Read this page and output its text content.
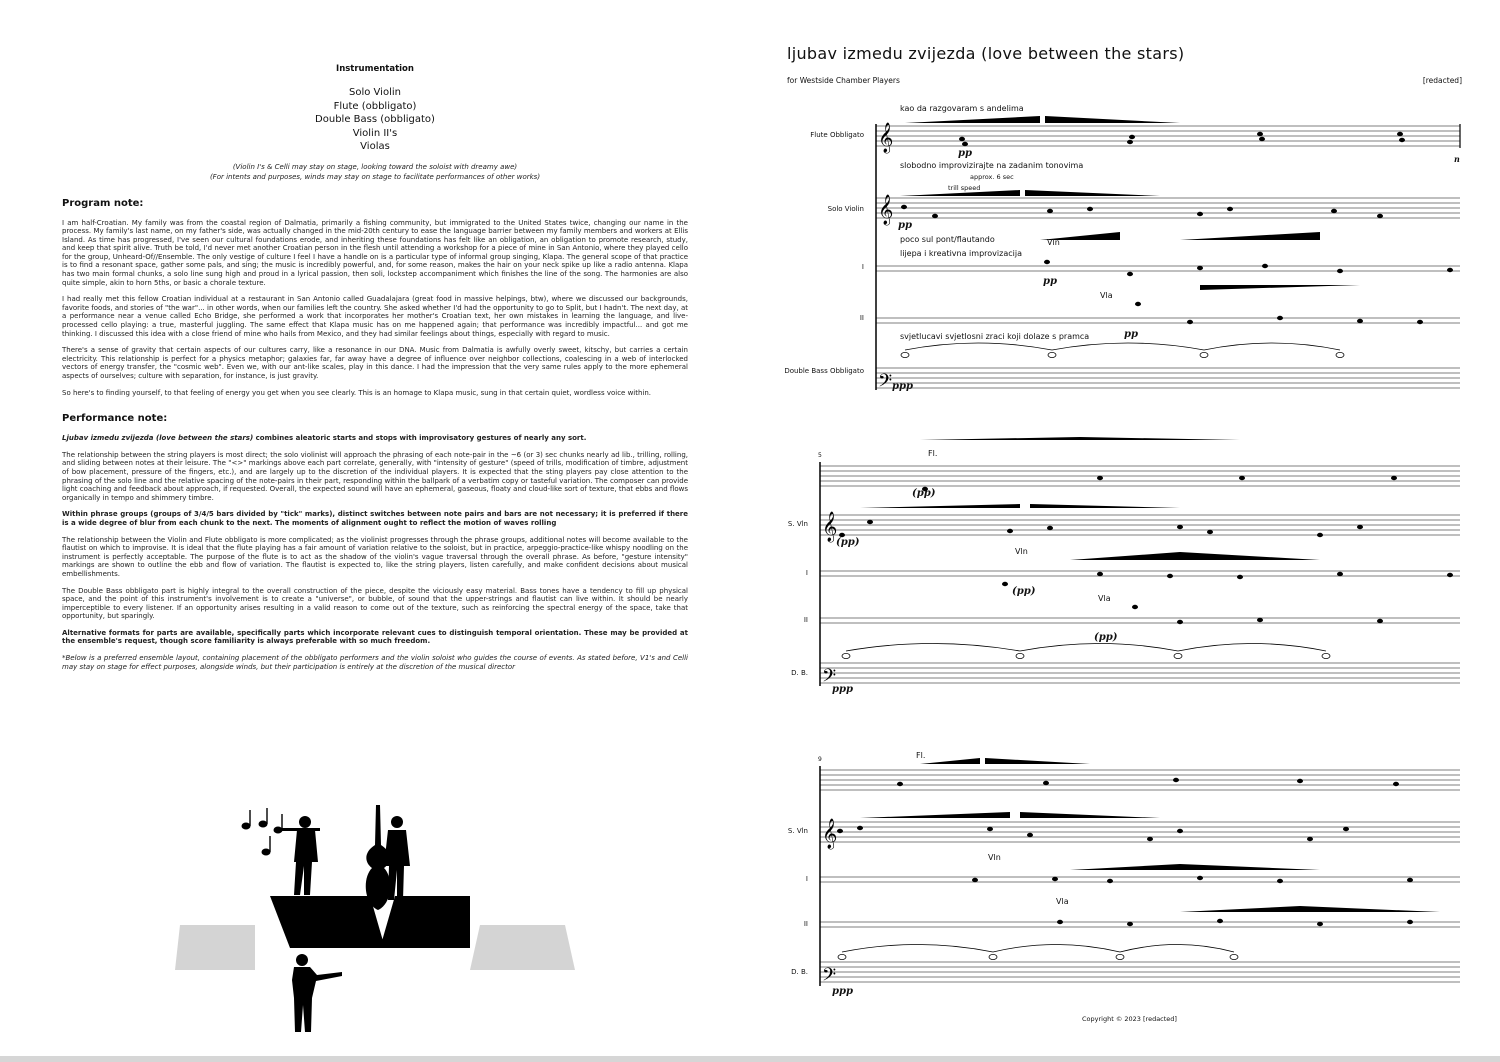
Instrumentation
Solo Violin
Flute (obbligato)
Double Bass (obbligato)
Violin II's
Violas
(Violin I's & Celli may stay on stage, looking toward the soloist with dreamy awe)
(For intents and purposes, winds may stay on stage to facilitate performances of other works)
Program note:

I am half-Croatian. My family was from the coastal region of Dalmatia, primarily a fishing community, but immigrated to the United States twice, changing our name in the process. My family's last name, on my father's side, was actually changed in the mid-20th century to ease the language barrier between my family members and workers at Ellis Island. As time has progressed, I've seen our cultural foundations erode, and inheriting these foundations has felt like an obligation, an obligation to promote research, study, and keep that spirit alive. Truth be told, I'd never met another Croatian person in the flesh until attending a workshop for a piece of mine in San Antonio, where they played cello for the group, Unheard-Of//Ensemble. The only vestige of culture I feel I have a handle on is a particular type of informal group singing, Klapa. The general scope of that practice is to find a resonant space, gather some pals, and sing; the music is incredibly powerful, and, for some reason, makes the hair on your neck spike up like a radio antenna. Klapa has two main formal chunks, a solo line sung high and proud in a lyrical passion, then soli, lockstep accompaniment which finishes the line of the song. The harmonies are also quite simple, akin to horn 5ths, or basic a chorale texture.

I had really met this fellow Croatian individual at a restaurant in San Antonio called Guadalajara (great food in massive helpings, btw), where we discussed our backgrounds, favorite foods, and stories of "the war"... in other words, when our families left the country. She asked whether I'd had the opportunity to go to Split, but I hadn't. The next day, at a performance near a venue called Echo Bridge, she performed a work that incorporates her mother's Croatian text, her own mistakes in learning the language, and live-processed cello playing: a true, masterful juggling. The same effect that Klapa music has on me happened again; that performance was incredibly impactful... and got me thinking. I discussed this idea with a close friend of mine who hails from Mexico, and they had similar feelings about things, especially with regard to music.

There's a sense of gravity that certain aspects of our cultures carry, like a resonance in our DNA. Music from Dalmatia is awfully overly sweet, kitschy, but carries a certain electricity. This relationship is perfect for a physics metaphor; galaxies far, far away have a degree of influence over neighbor collections, coalescing in a web of interlocked vectors of energy transfer, the "cosmic web". Even we, with our ant-like scales, play in this dance. I had the impression that the very same rules apply to the more ephemeral aspects of ourselves; culture with separation, for instance, is just gravity.

So here's to finding yourself, to that feeling of energy you get when you see clearly. This is an homage to Klapa music, sung in that certain quiet, wordless voice within.

Performance note:

Ljubav izmedu zvijezda (love between the stars) combines aleatoric starts and stops with improvisatory gestures of nearly any sort.

The relationship between the string players is most direct; the solo violinist will approach the phrasing of each note-pair in the ~6 (or 3) sec chunks nearly ad lib., trilling, rolling, and sliding between notes at their leisure. The "<>" markings above each part correlate, generally, with "intensity of gesture" (speed of trills, modification of timbre, adjustment of bow placement, pressure of the fingers, etc.), and are largely up to the discretion of the individual players. It is expected that the sting players pay close attention to the phrasing of the solo line and the relative spacing of the note-pairs in their part, responding within the ballpark of a verbatim copy or tasteful variation. The composer can provide light coaching and feedback about approach, if requested. Overall, the expected sound will have an ephemeral, gaseous, floaty and cloud-like sort of texture, that ebbs and flows organically in tempo and shimmery timbre.

Within phrase groups (groups of 3/4/5 bars divided by "tick" marks), distinct switches between note pairs and bars are not necessary; it is preferred if there is a wide degree of blur from each chunk to the next. The moments of alignment ought to reflect the motion of waves rolling

The relationship between the Violin and Flute obbligato is more complicated; as the violinist progresses through the phrase groups, additional notes will become available to the flautist on which to improvise. It is ideal that the flute playing has a fair amount of variation relative to the soloist, but in practice, arpeggio-practice-like whispy noodling on the instrument is perfectly acceptable. The purpose of the flute is to act as the shadow of the violin's vague traversal through the overall phrase. As before, "gesture intensity" markings are shown to outline the ebb and flow of variation. The flautist is expected to, like the string players, listen carefully, and make confident decisions about musical embellishments.

The Double Bass obbligato part is highly integral to the overall construction of the piece, despite the viciously easy material. Bass tones have a tendency to fill up physical space, and the point of this instrument's involvement is to create a "universe", or bubble, of sound that the upper-strings and flautist can live within. It should be nearly imperceptible to every listener. If an opportunity arises resulting in a valid reason to come out of the texture, such as reinforcing the spectral energy of the space, take that opportunity, but sparingly.

Alternative formats for parts are available, specifically parts which incorporate relevant cues to distinguish temporal orientation. These may be provided at the ensemble's request, though score familiarity is always preferable with so much freedom.

*Below is a preferred ensemble layout, containing placement of the obbligato performers and the violin soloist who guides the course of events. As stated before, V1's and Celli may stay on stage for effect purposes, alongside winds, but their participation is entirely at the discretion of the musical director

ljubav izmedu zvijezda (love between the stars)
for Westside Chamber Players	[redacted]
𝄞
𝄞
𝄢
𝄞
𝄢
𝄞
𝄢
Flute Obbligato
Solo Violin
I
II
Double Bass Obbligato
kao da razgovaram s andelima
slobodno improvizirajte na zadanim tonovima
approx. 6 sec
trill speed
poco sul pont/flautando	Vln
lijepa i kreativna improvizacija
Vla
svjetlucavi svjetlosni zraci koji dolaze s pramca
pp
pp
pp
pp
ppp
n
5
S. Vln
I
II
D. B.
Fl.
Vln
Vla
(pp)
(pp)
(pp)
(pp)
ppp
9
S. Vln
I
II
D. B.
Fl.
Vln
Vla
ppp
Copyright © 2023 [redacted]
